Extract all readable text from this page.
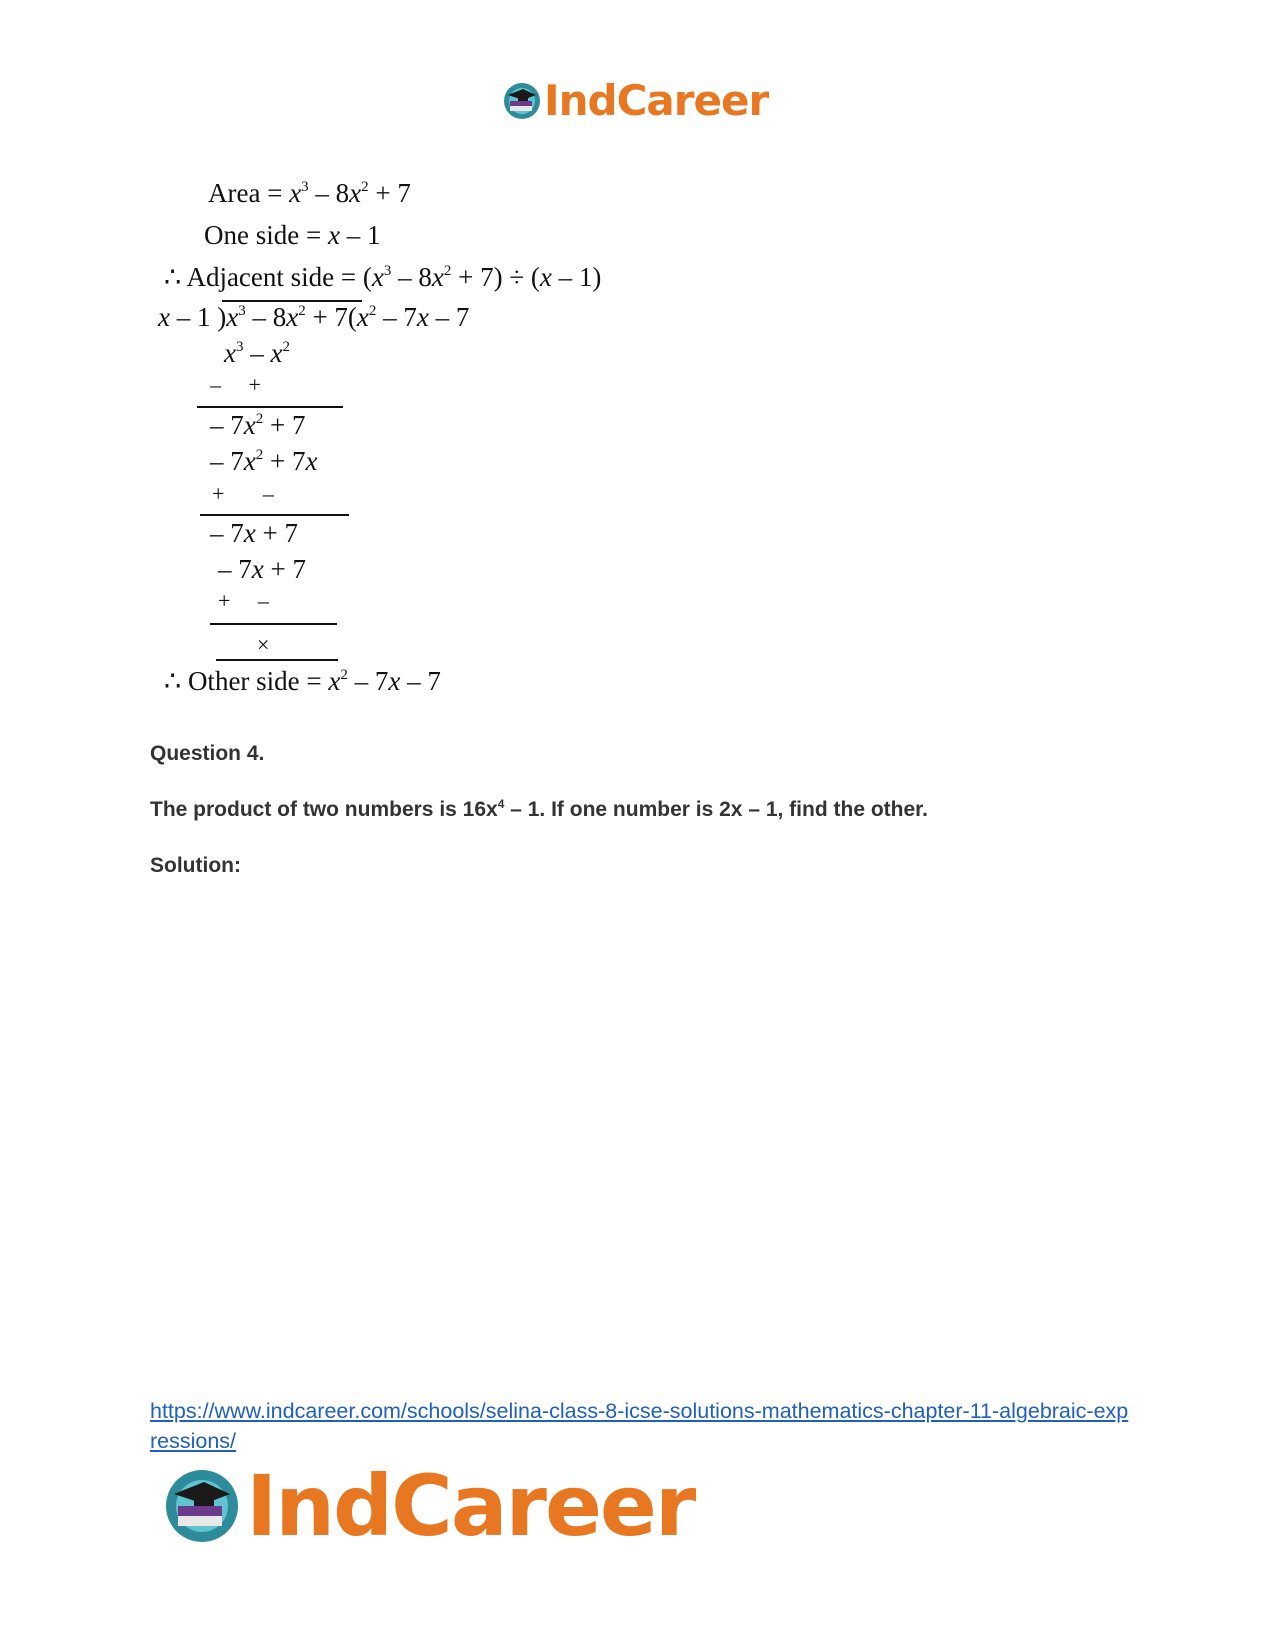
IndCareer
Area = $x^3 - 8x^2 + 7$
One side = x – 1
∴ Adjacent side = $(x^3 - 8x^2 + 7) \div (x - 1)$
x – 1 )$x^3 - 8x^2 + 7(x^2 - 7x - 7$
$x^3 - x^2$
–     +
– $7x^2 + 7$
– $7x^2 + 7x$
+       –
– 7x + 7
– 7x + 7
+     –
×
∴ Other side = $x^2 - 7x - 7$
Question 4.
The product of two numbers is $16x^4 - 1$. If one number is 2x – 1, find the other.
Solution:
https://www.indcareer.com/schools/selina-class-8-icse-solutions-mathematics-chapter-11-algebraic-expressions/
IndCareer
